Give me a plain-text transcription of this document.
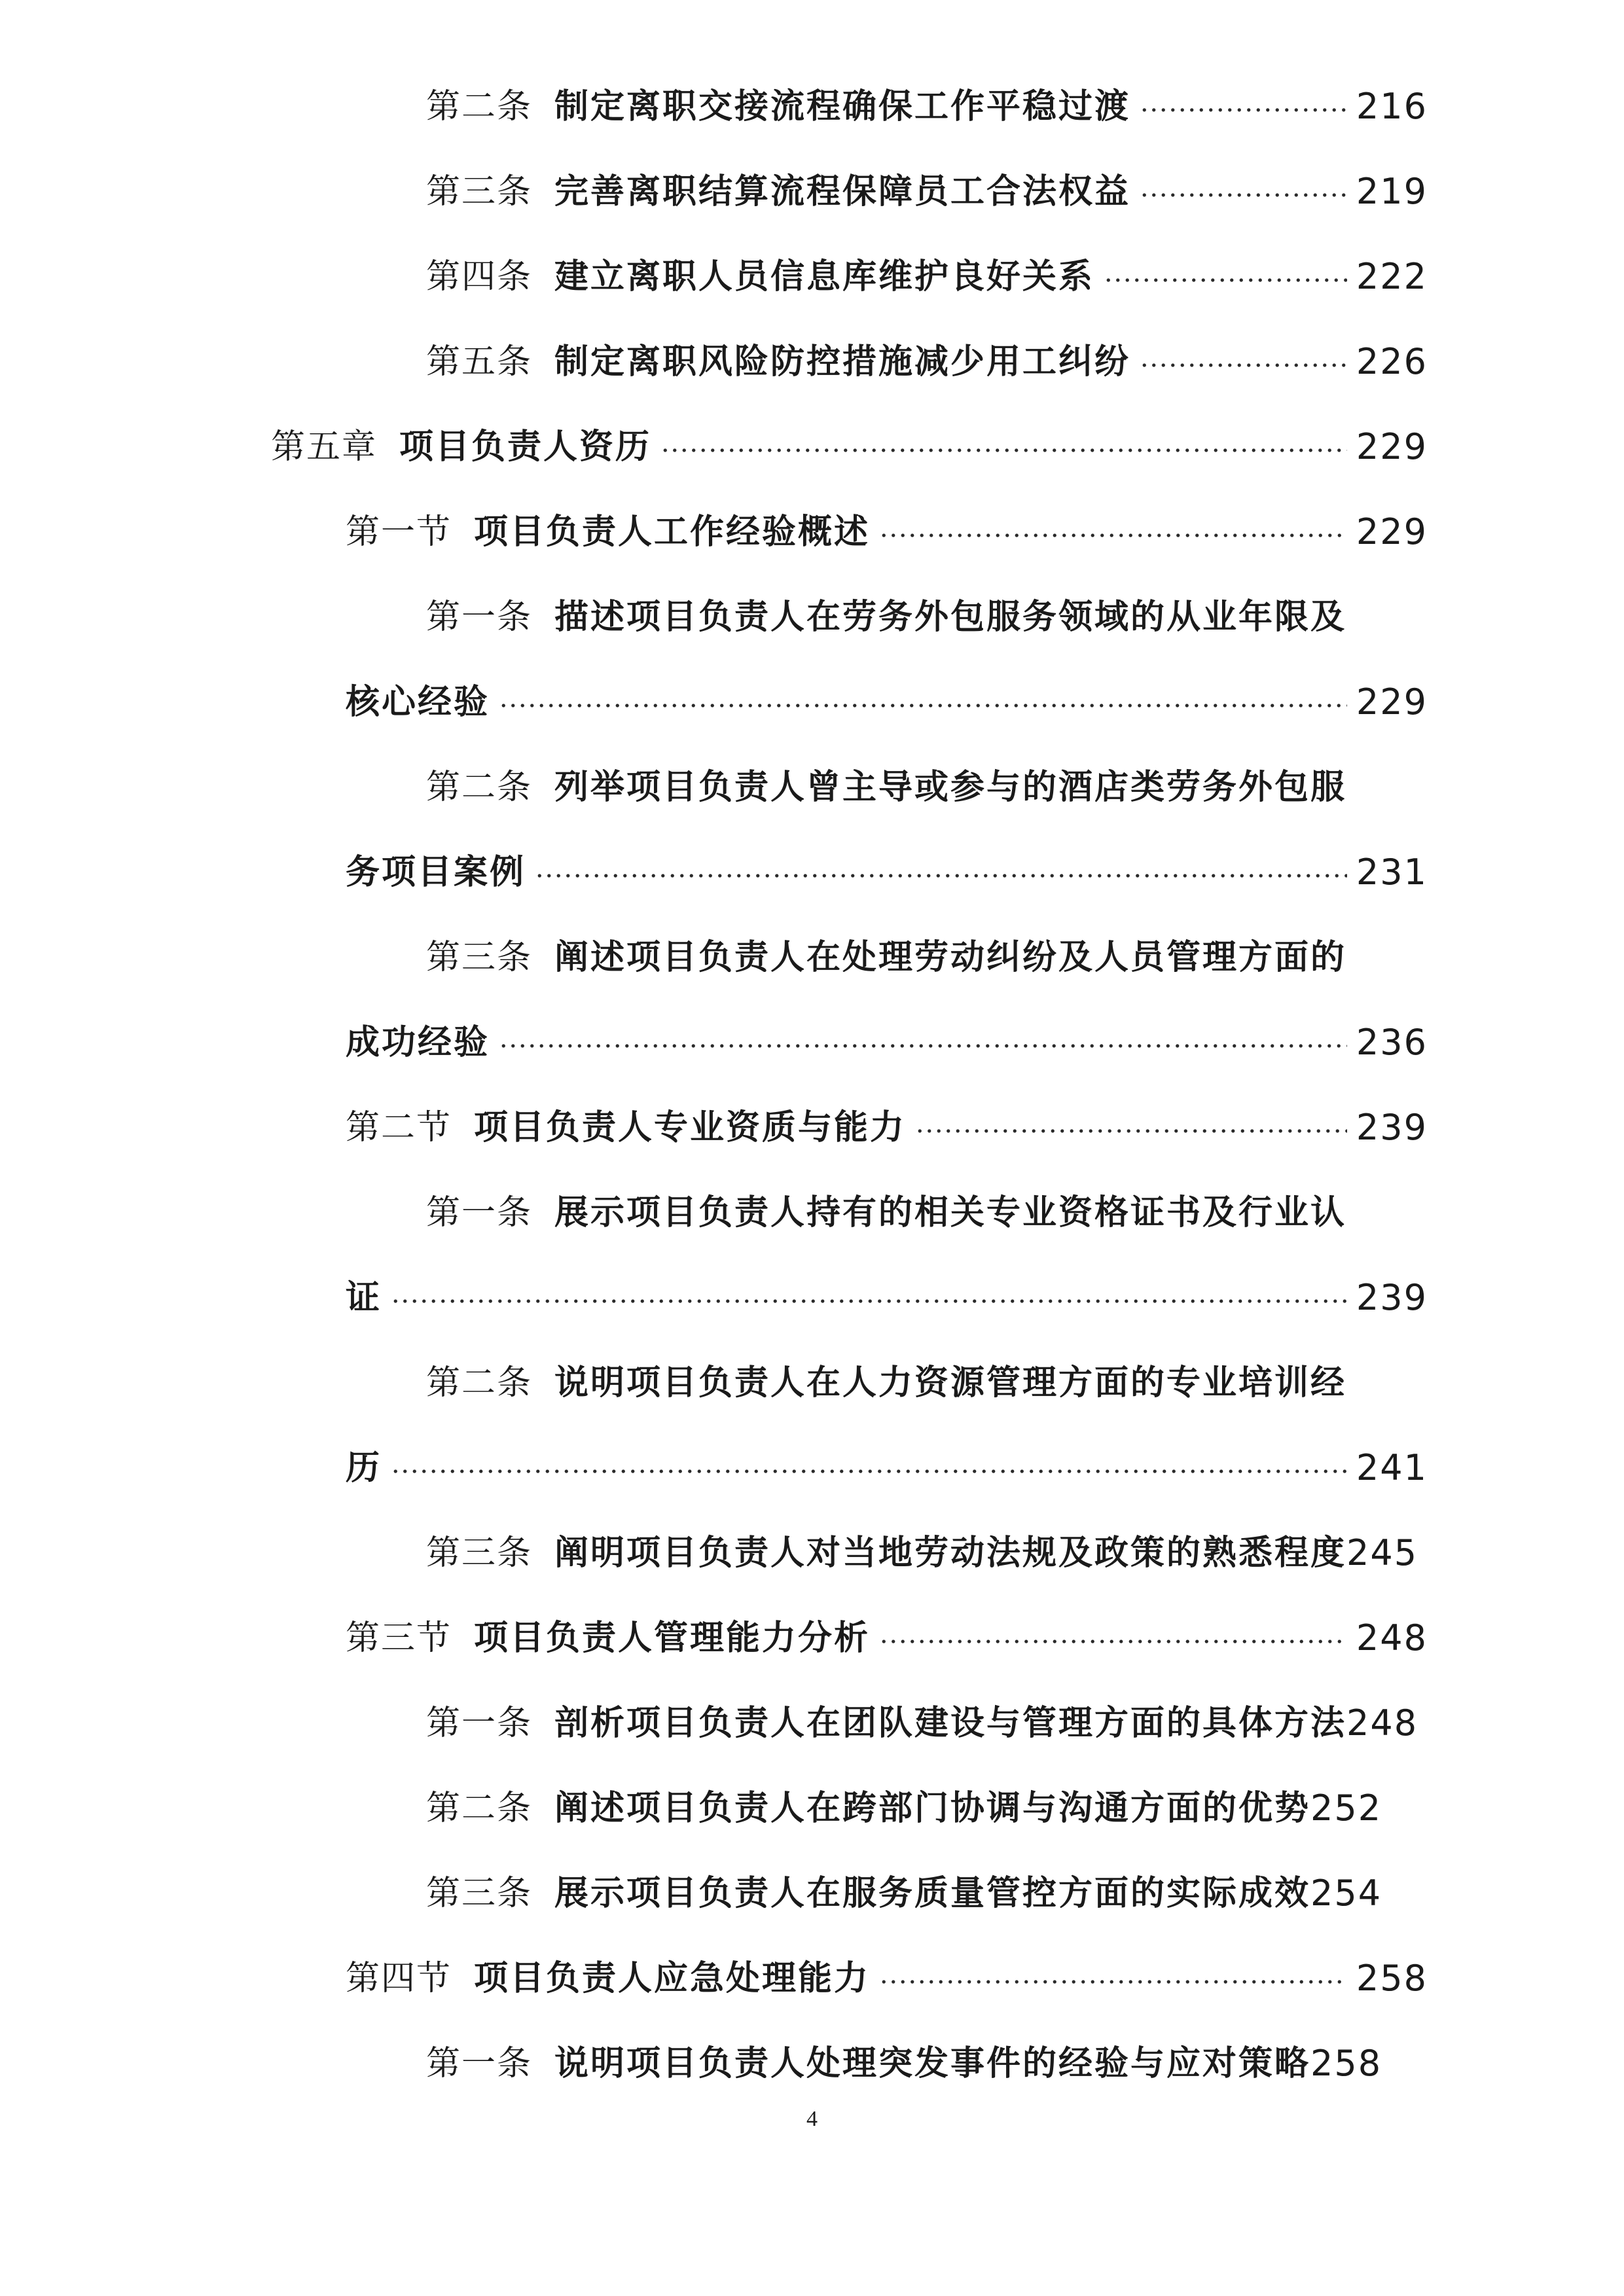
第二条 制定离职交接流程确保工作平稳过渡	216
第三条 完善离职结算流程保障员工合法权益	219
第四条 建立离职人员信息库维护良好关系	222
第五条 制定离职风险防控措施减少用工纠纷	226
第五章 项目负责人资历	229
第一节 项目负责人工作经验概述	229
第一条 描述项目负责人在劳务外包服务领域的从业年限及
核心经验	229
第二条 列举项目负责人曾主导或参与的酒店类劳务外包服
务项目案例	231
第三条 阐述项目负责人在处理劳动纠纷及人员管理方面的
成功经验	236
第二节 项目负责人专业资质与能力	239
第一条 展示项目负责人持有的相关专业资格证书及行业认
证	239
第二条 说明项目负责人在人力资源管理方面的专业培训经
历	241
第三条 阐明项目负责人对当地劳动法规及政策的熟悉程度 245
第三节 项目负责人管理能力分析	248
第一条 剖析项目负责人在团队建设与管理方面的具体方法 248
第二条 阐述项目负责人在跨部门协调与沟通方面的优势 252
第三条 展示项目负责人在服务质量管控方面的实际成效 254
第四节 项目负责人应急处理能力	258
第一条 说明项目负责人处理突发事件的经验与应对策略 258
4
